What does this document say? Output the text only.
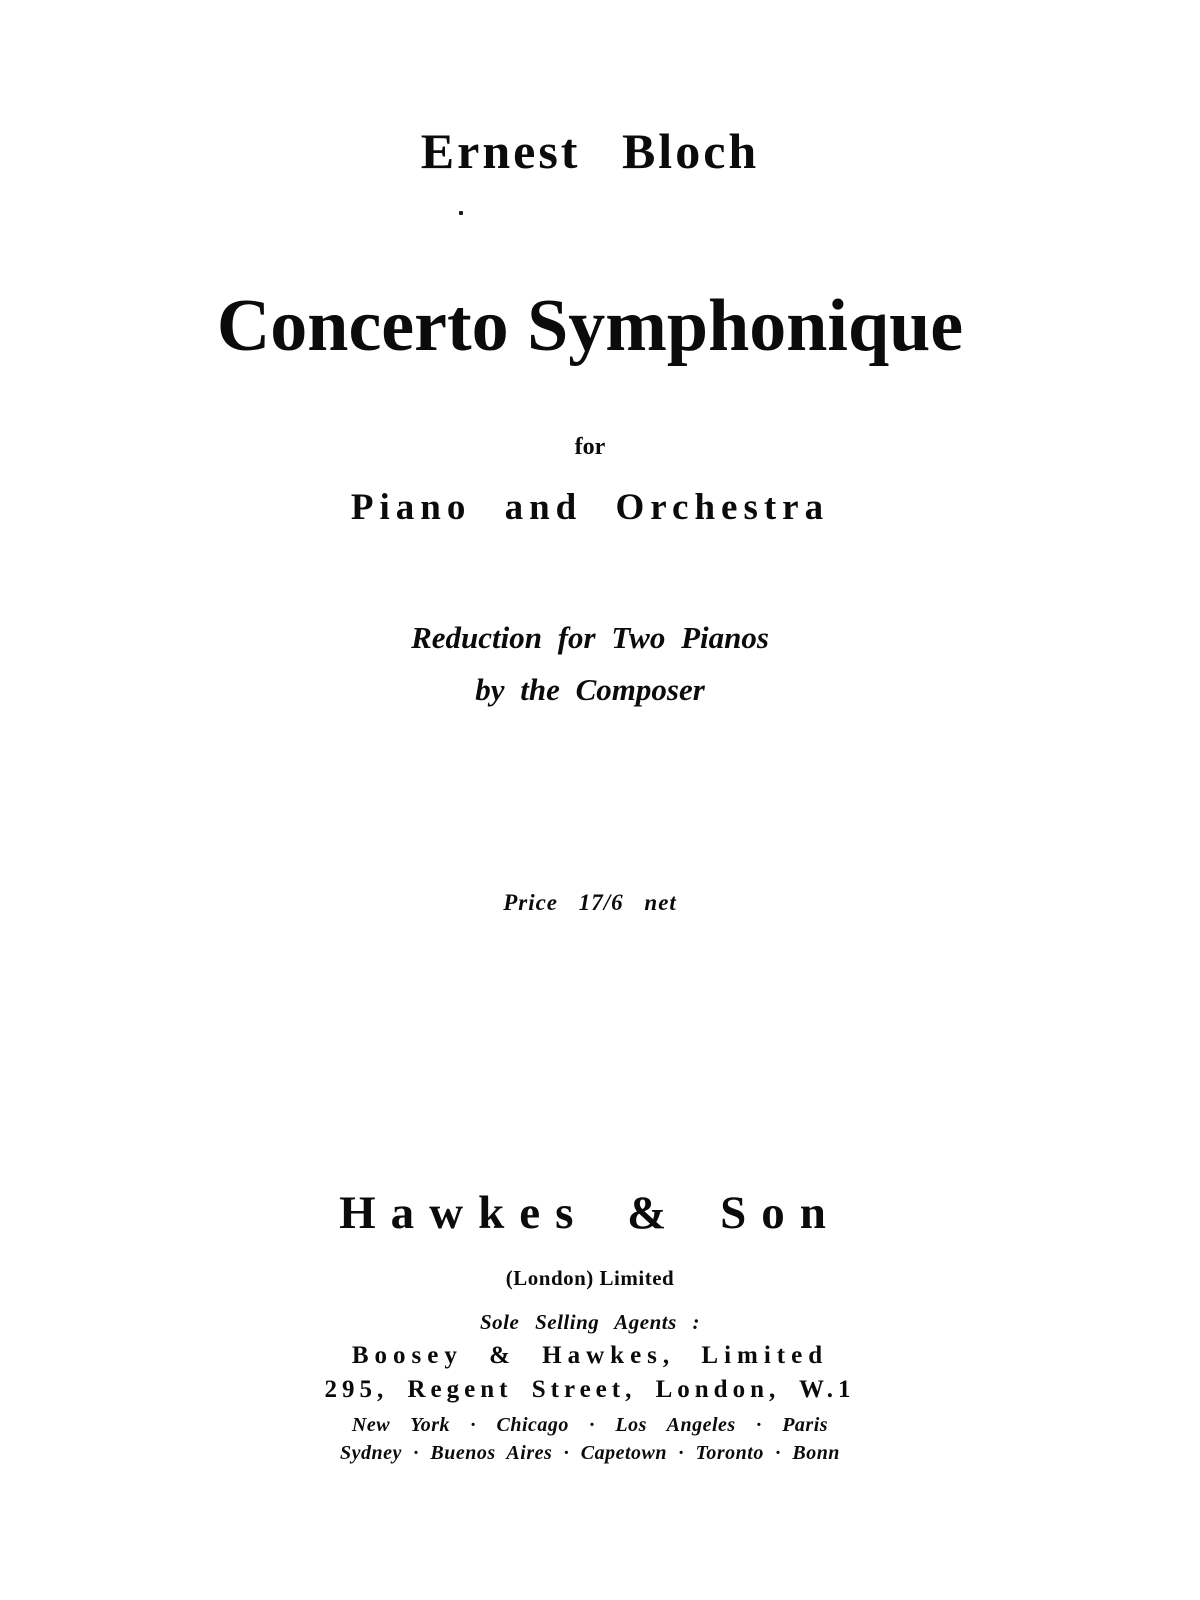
Ernest Bloch
Concerto Symphonique
for
Piano and Orchestra
Reduction for Two Pianos
by the Composer
Price 17/6 net
Hawkes & Son
(London) Limited
Sole Selling Agents :
Boosey & Hawkes, Limited
295, Regent Street, London, W.1
New York · Chicago · Los Angeles · Paris
Sydney · Buenos Aires · Capetown · Toronto · Bonn
